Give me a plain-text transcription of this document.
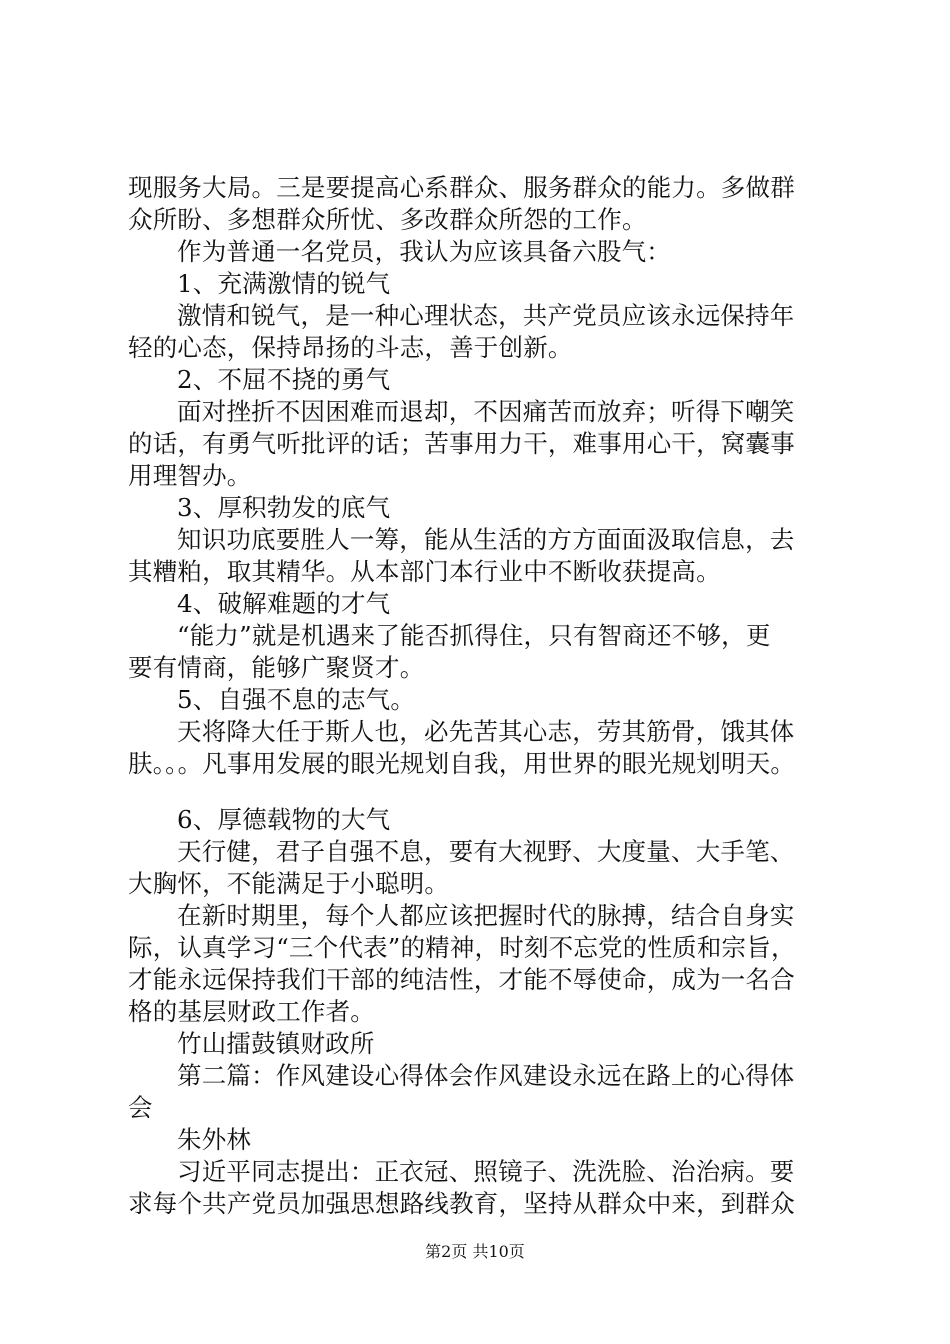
现服务大局。三是要提高心系群众、服务群众的能力。多做群
众所盼、多想群众所忧、多改群众所怨的工作。
作为普通一名党员，我认为应该具备六股气：
1、充满激情的锐气
激情和锐气，是一种心理状态，共产党员应该永远保持年
轻的心态，保持昂扬的斗志，善于创新。
2、不屈不挠的勇气
面对挫折不因困难而退却，不因痛苦而放弃；听得下嘲笑
的话，有勇气听批评的话；苦事用力干，难事用心干，窝囊事
用理智办。
3、厚积勃发的底气
知识功底要胜人一筹，能从生活的方方面面汲取信息，去
其糟粕，取其精华。从本部门本行业中不断收获提高。
4、破解难题的才气
“能力”就是机遇来了能否抓得住，只有智商还不够，更
要有情商，能够广聚贤才。
5、自强不息的志气。
天将降大任于斯人也，必先苦其心志，劳其筋骨，饿其体
肤。。。凡事用发展的眼光规划自我，用世界的眼光规划明天。
6、厚德载物的大气
天行健，君子自强不息，要有大视野、大度量、大手笔、
大胸怀，不能满足于小聪明。
在新时期里，每个人都应该把握时代的脉搏，结合自身实
际，认真学习“三个代表”的精神，时刻不忘党的性质和宗旨，
才能永远保持我们干部的纯洁性，才能不辱使命，成为一名合
格的基层财政工作者。
竹山擂鼓镇财政所
第二篇：作风建设心得体会作风建设永远在路上的心得体
会
朱外林
习近平同志提出：正衣冠、照镜子、洗洗脸、治治病。要
求每个共产党员加强思想路线教育，坚持从群众中来，到群众
第2页 共10页
